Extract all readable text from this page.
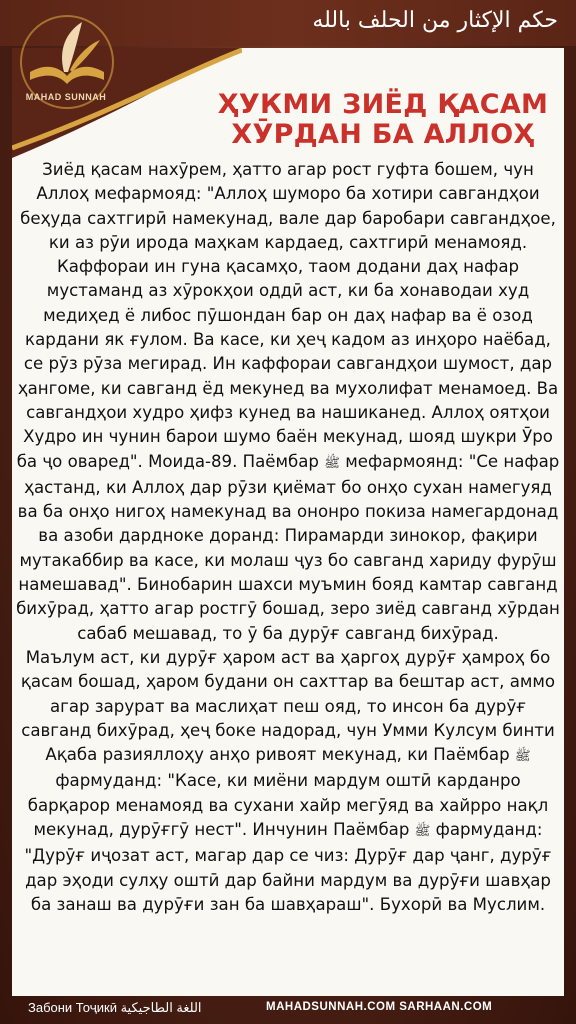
MAHAD SUNNAH
حكم الإكثار من الحلف بالله
ҲУКМИ ЗИЁД ҚАСАМ
ХӮРДАН БА АЛЛОҲ

Зиёд қасам нахӯрем, ҳатто агар рост гуфта бошем, чун Аллоҳ мефармояд: "Аллоҳ шуморо ба хотири савгандҳои беҳуда сахтгирӣ намекунад, вале дар баробари савгандҳое, ки аз рӯи ирода маҳкам кардаед, сахтгирӣ менамояд. Каффораи ин гуна қасамҳо, таом додани даҳ нафар мустаманд аз хӯрокҳои оддӣ аст, ки ба хонаводаи худ медиҳед ё либос пӯшондан бар он даҳ нафар ва ё озод кардани як ғулом. Ва касе, ки ҳеҷ кадом аз инҳоро наёбад, се рӯз рӯза мегирад. Ин каффораи савгандҳои шумост, дар ҳангоме, ки савганд ёд мекунед ва мухолифат менамоед. Ва савгандҳои худро ҳифз кунед ва нашиканед. Аллоҳ оятҳои Худро ин чунин барои шумо баён мекунад, шояд шукри Ӯро ба ҷо оваред". Моида-89. Паёмбар ﷺ мефармоянд: "Се нафар ҳастанд, ки Аллоҳ дар рӯзи қиёмат бо онҳо сухан намегуяд ва ба онҳо нигоҳ намекунад ва ононро покиза намегардонад ва азоби дардноке доранд: Пирамарди зинокор, фақири мутакаббир ва касе, ки молаш ҷуз бо савганд хариду фурӯш намешавад". Бинобарин шахси муъмин бояд камтар савганд бихӯрад, ҳатто агар ростгӯ бошад, зеро зиёд савганд хӯрдан сабаб мешавад, то ӯ ба дурӯғ савганд бихӯрад.

Маълум аст, ки дурӯғ ҳаром аст ва ҳаргоҳ дурӯғ ҳамроҳ бо қасам бошад, ҳаром будани он сахттар ва бештар аст, аммо агар зарурат ва маслиҳат пеш ояд, то инсон ба дурӯғ савганд бихӯрад, ҳеҷ боке надорад, чун Умми Кулсум бинти Ақаба разияллоҳу анҳо ривоят мекунад, ки Паёмбар ﷺ фармуданд: "Касе, ки миёни мардум оштӣ карданро барқарор менамояд ва сухани хайр мегӯяд ва хайрро нақл мекунад, дурӯғгӯ нест". Инчунин Паёмбар ﷺ фармуданд: "Дурӯғ иҷозат аст, магар дар се чиз: Дурӯғ дар ҷанг, дурӯғ дар эҳоди сулҳу оштӣ дар байни мардум ва дурӯғи шавҳар ба занаш ва дурӯғи зан ба шавҳараш". Бухорӣ ва Муслим.

Забони Тоҷикӣ اللغة الطاجيكية	MAHADSUNNAH.COM SARHAAN.COM
